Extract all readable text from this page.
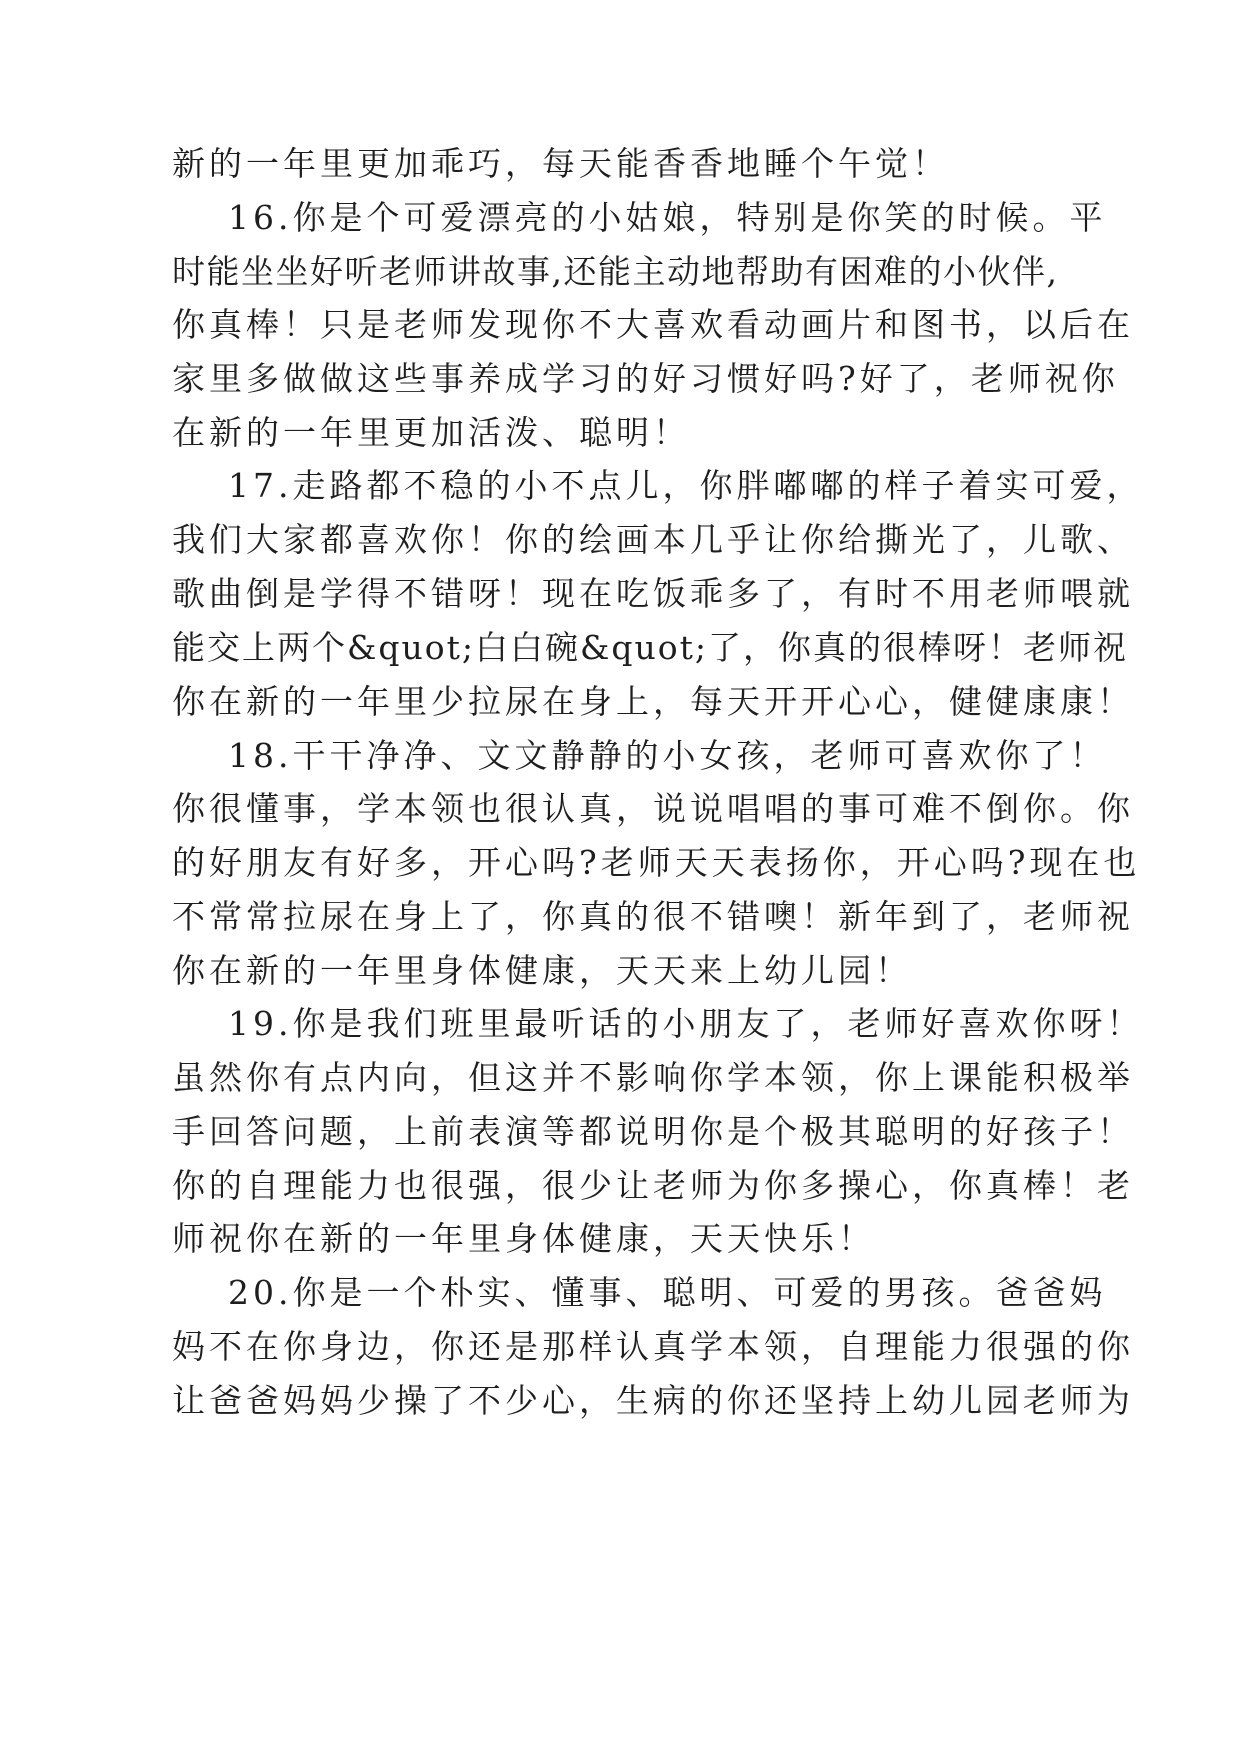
新的一年里更加乖巧，每天能香香地睡个午觉！
16.你是个可爱漂亮的小姑娘，特别是你笑的时候。平
时能坐坐好听老师讲故事,还能主动地帮助有困难的小伙伴,
你真棒！只是老师发现你不大喜欢看动画片和图书，以后在
家里多做做这些事养成学习的好习惯好吗?好了，老师祝你
在新的一年里更加活泼、聪明！
17.走路都不稳的小不点儿，你胖嘟嘟的样子着实可爱，
我们大家都喜欢你！你的绘画本几乎让你给撕光了，儿歌、
歌曲倒是学得不错呀！现在吃饭乖多了，有时不用老师喂就
能交上两个&quot;白白碗&quot;了，你真的很棒呀！老师祝
你在新的一年里少拉尿在身上，每天开开心心，健健康康！
18.干干净净、文文静静的小女孩，老师可喜欢你了！
你很懂事，学本领也很认真，说说唱唱的事可难不倒你。你
的好朋友有好多，开心吗?老师天天表扬你，开心吗?现在也
不常常拉尿在身上了，你真的很不错噢！新年到了，老师祝
你在新的一年里身体健康，天天来上幼儿园！
19.你是我们班里最听话的小朋友了，老师好喜欢你呀！
虽然你有点内向，但这并不影响你学本领，你上课能积极举
手回答问题，上前表演等都说明你是个极其聪明的好孩子！
你的自理能力也很强，很少让老师为你多操心，你真棒！老
师祝你在新的一年里身体健康，天天快乐！
20.你是一个朴实、懂事、聪明、可爱的男孩。爸爸妈
妈不在你身边，你还是那样认真学本领，自理能力很强的你
让爸爸妈妈少操了不少心，生病的你还坚持上幼儿园老师为
